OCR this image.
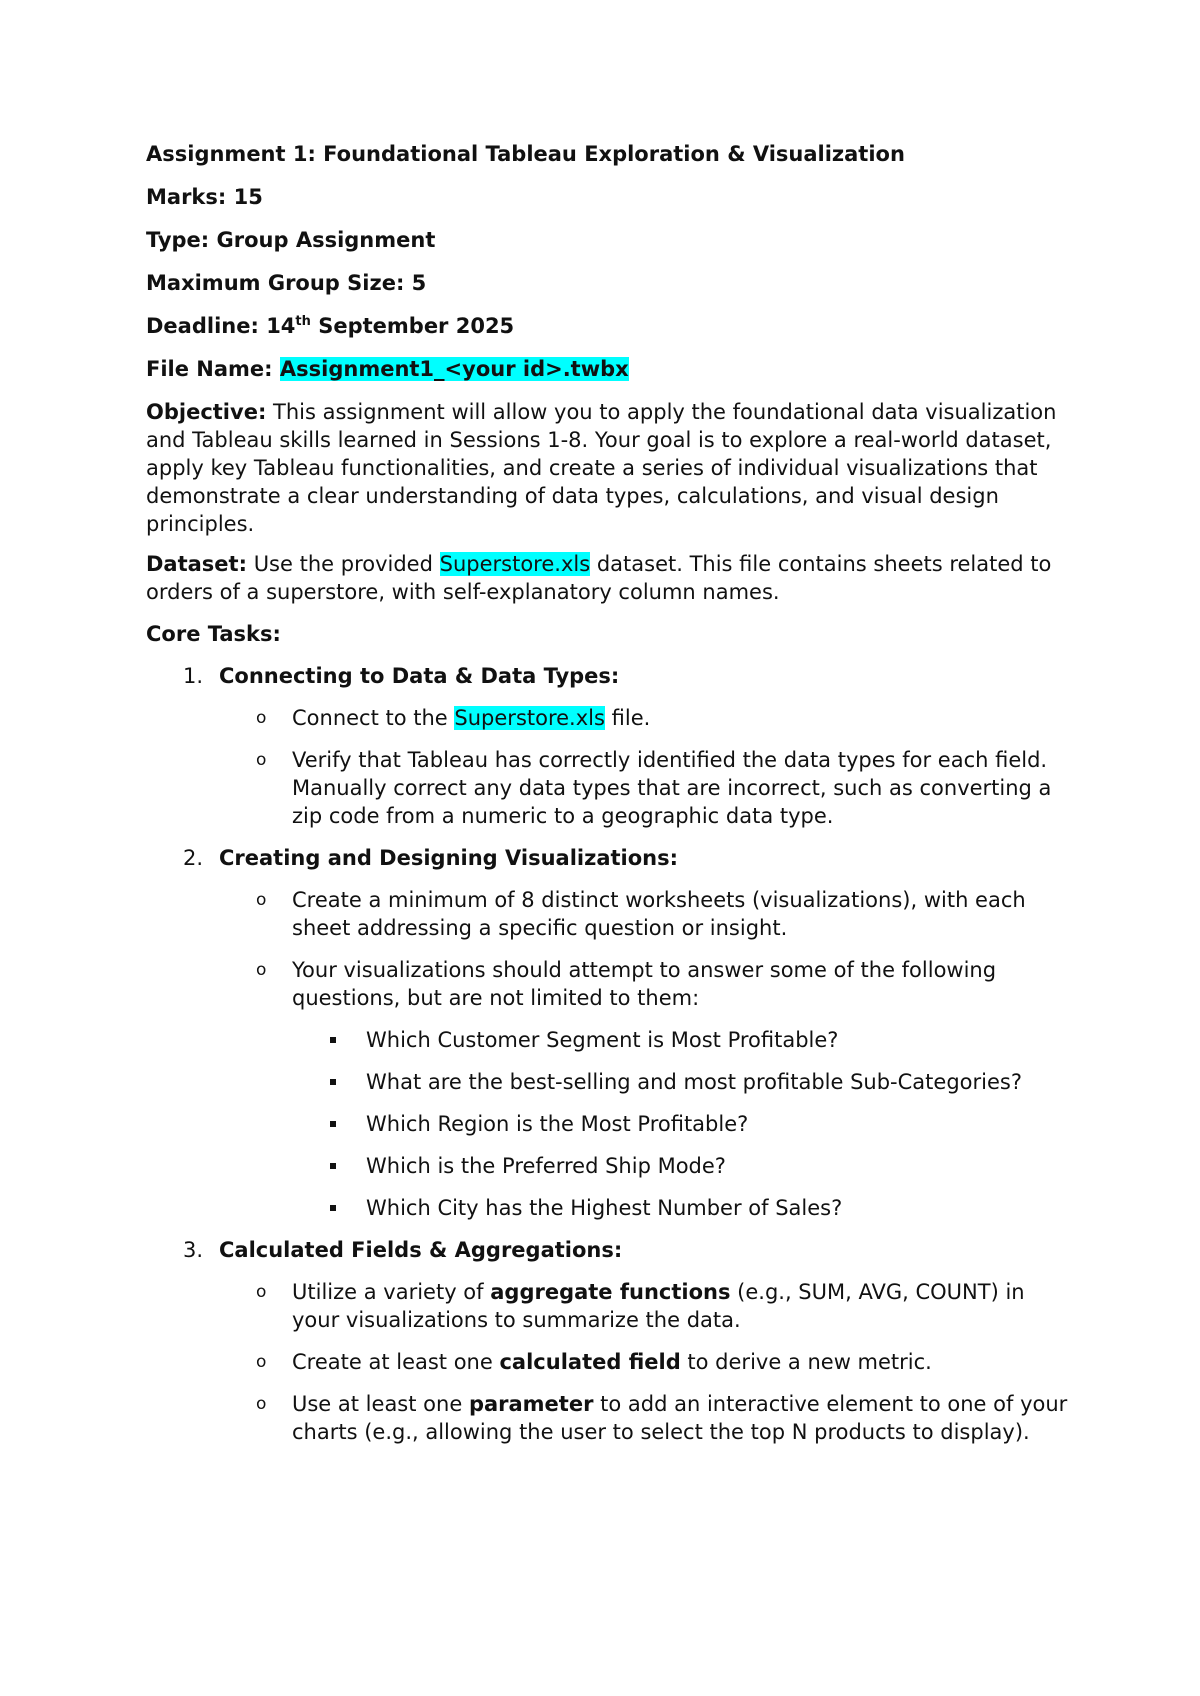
Assignment 1: Foundational Tableau Exploration & Visualization
Marks: 15
Type: Group Assignment
Maximum Group Size: 5
Deadline: 14th September 2025
File Name: Assignment1_<your id>.twbx
Objective: This assignment will allow you to apply the foundational data visualization and Tableau skills learned in Sessions 1-8. Your goal is to explore a real-world dataset, apply key Tableau functionalities, and create a series of individual visualizations that demonstrate a clear understanding of data types, calculations, and visual design principles.
Dataset: Use the provided Superstore.xls dataset. This file contains sheets related to orders of a superstore, with self-explanatory column names.
Core Tasks:
1. Connecting to Data & Data Types:
o Connect to the Superstore.xls file.
o Verify that Tableau has correctly identified the data types for each field. Manually correct any data types that are incorrect, such as converting a zip code from a numeric to a geographic data type.
2. Creating and Designing Visualizations:
o Create a minimum of 8 distinct worksheets (visualizations), with each sheet addressing a specific question or insight.
o Your visualizations should attempt to answer some of the following questions, but are not limited to them:
Which Customer Segment is Most Profitable?
What are the best-selling and most profitable Sub-Categories?
Which Region is the Most Profitable?
Which is the Preferred Ship Mode?
Which City has the Highest Number of Sales?
3. Calculated Fields & Aggregations:
o Utilize a variety of aggregate functions (e.g., SUM, AVG, COUNT) in your visualizations to summarize the data.
o Create at least one calculated field to derive a new metric.
o Use at least one parameter to add an interactive element to one of your charts (e.g., allowing the user to select the top N products to display).
